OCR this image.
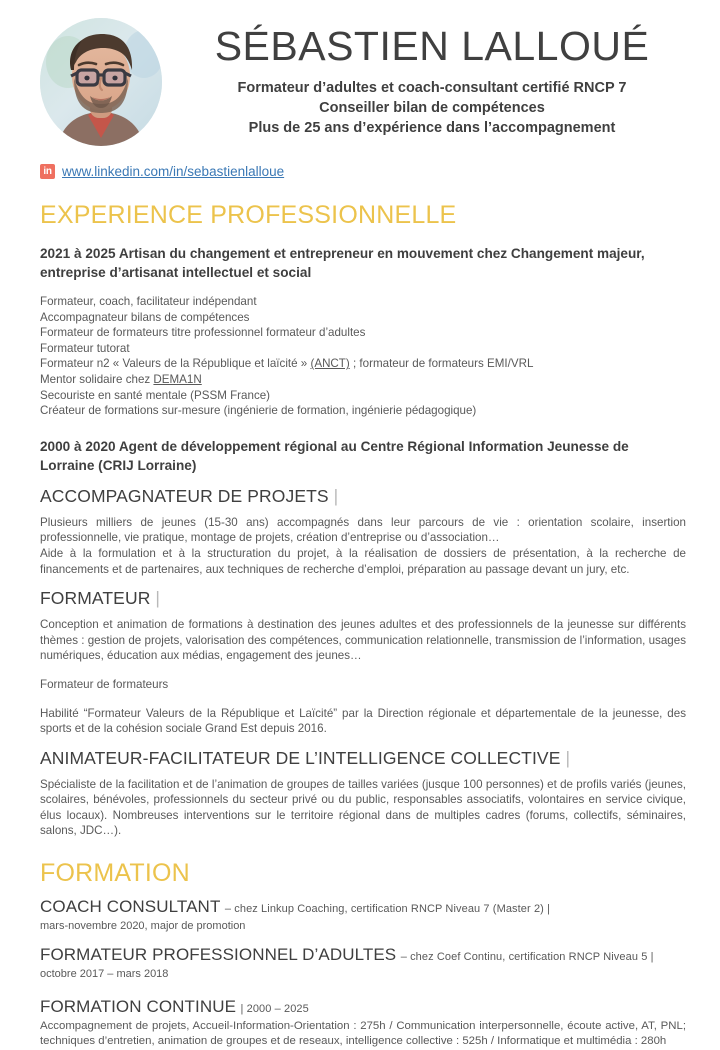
SÉBASTIEN LALLOUÉ

Formateur d’adultes et coach-consultant certifié RNCP 7

Conseiller bilan de compétences

Plus de 25 ans d’expérience dans l’accompagnement

in www.linkedin.com/in/sebastienlalloue
EXPERIENCE PROFESSIONNELLE

2021 à 2025 Artisan du changement et entrepreneur en mouvement chez Changement majeur, entreprise d’artisanat intellectuel et social

Formateur, coach, facilitateur indépendant
Accompagnateur bilans de compétences
Formateur de formateurs titre professionnel formateur d’adultes
Formateur tutorat
Formateur n2 « Valeurs de la République et laïcité » (ANCT) ; formateur de formateurs EMI/VRL
Mentor solidaire chez DEMA1N
Secouriste en santé mentale (PSSM France)
Créateur de formations sur-mesure (ingénierie de formation, ingénierie pédagogique)

2000 à 2020 Agent de développement régional au Centre Régional Information Jeunesse de Lorraine (CRIJ Lorraine)

ACCOMPAGNATEUR DE PROJETS |

Plusieurs milliers de jeunes (15-30 ans) accompagnés dans leur parcours de vie : orientation scolaire, insertion professionnelle, vie pratique, montage de projets, création d’entreprise ou d’association…

Aide à la formulation et à la structuration du projet, à la réalisation de dossiers de présentation, à la recherche de financements et de partenaires, aux techniques de recherche d’emploi, préparation au passage devant un jury, etc.

FORMATEUR |

Conception et animation de formations à destination des jeunes adultes et des professionnels de la jeunesse sur différents thèmes : gestion de projets, valorisation des compétences, communication relationnelle, transmission de l’information, usages numériques, éducation aux médias, engagement des jeunes…

Formateur de formateurs

Habilité “Formateur Valeurs de la République et Laïcité” par la Direction régionale et départementale de la jeunesse, des sports et de la cohésion sociale Grand Est depuis 2016.

ANIMATEUR-FACILITATEUR DE L’INTELLIGENCE COLLECTIVE |

Spécialiste de la facilitation et de l’animation de groupes de tailles variées (jusque 100 personnes) et de profils variés (jeunes, scolaires, bénévoles, professionnels du secteur privé ou du public, responsables associatifs, volontaires en service civique, élus locaux). Nombreuses interventions sur le territoire régional dans de multiples cadres (forums, collectifs, séminaires, salons, JDC…).

FORMATION
COACH CONSULTANT – chez Linkup Coaching, certification RNCP Niveau 7 (Master 2) |
mars-novembre 2020, major de promotion
FORMATEUR PROFESSIONNEL D’ADULTES – chez Coef Continu, certification RNCP Niveau 5 |
octobre 2017 – mars 2018
FORMATION CONTINUE | 2000 – 2025
Accompagnement de projets, Accueil-Information-Orientation : 275h / Communication interpersonnelle, écoute active, AT, PNL; techniques d’entretien, animation de groupes et de reseaux, intelligence collective : 525h / Informatique et multimédia : 280h
